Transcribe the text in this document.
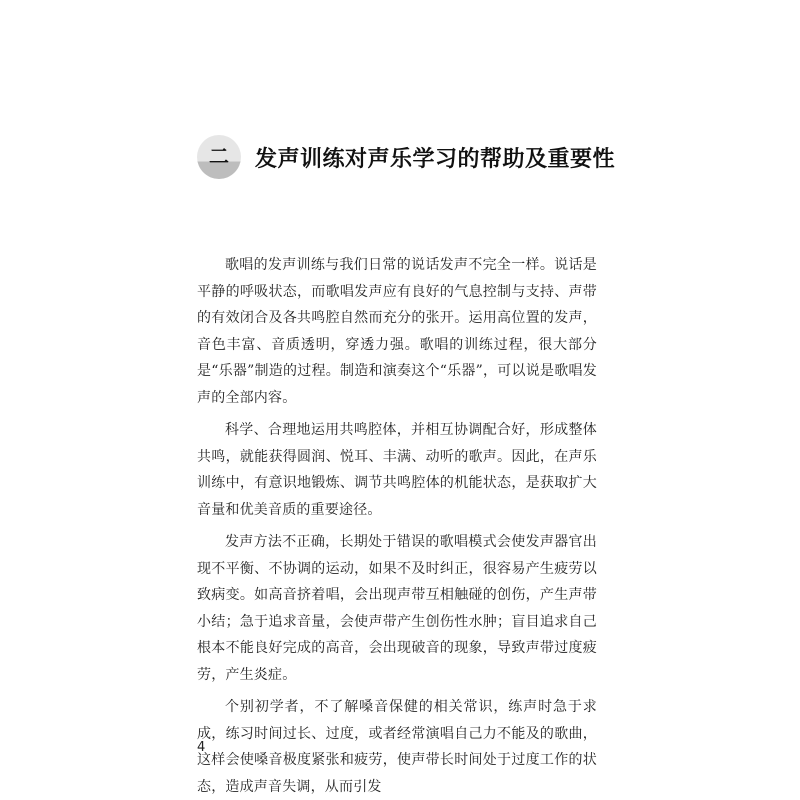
二 发声训练对声乐学习的帮助及重要性

歌唱的发声训练与我们日常的说话发声不完全一样。说话是平静的呼吸状态，而歌唱发声应有良好的气息控制与支持、声带的有效闭合及各共鸣腔自然而充分的张开。运用高位置的发声，音色丰富、音质透明，穿透力强。歌唱的训练过程，很大部分是“乐器”制造的过程。制造和演奏这个“乐器”，可以说是歌唱发声的全部内容。

科学、合理地运用共鸣腔体，并相互协调配合好，形成整体共鸣，就能获得圆润、悦耳、丰满、动听的歌声。因此，在声乐训练中，有意识地锻炼、调节共鸣腔体的机能状态，是获取扩大音量和优美音质的重要途径。

发声方法不正确，长期处于错误的歌唱模式会使发声器官出现不平衡、不协调的运动，如果不及时纠正，很容易产生疲劳以致病变。如高音挤着唱，会出现声带互相触碰的创伤，产生声带小结；急于追求音量，会使声带产生创伤性水肿；盲目追求自己根本不能良好完成的高音，会出现破音的现象，导致声带过度疲劳，产生炎症。

个别初学者，不了解嗓音保健的相关常识，练声时急于求成，练习时间过长、过度，或者经常演唱自己力不能及的歌曲，这样会使嗓音极度紧张和疲劳，使声带长时间处于过度工作的状态，造成声音失调，从而引发

4
